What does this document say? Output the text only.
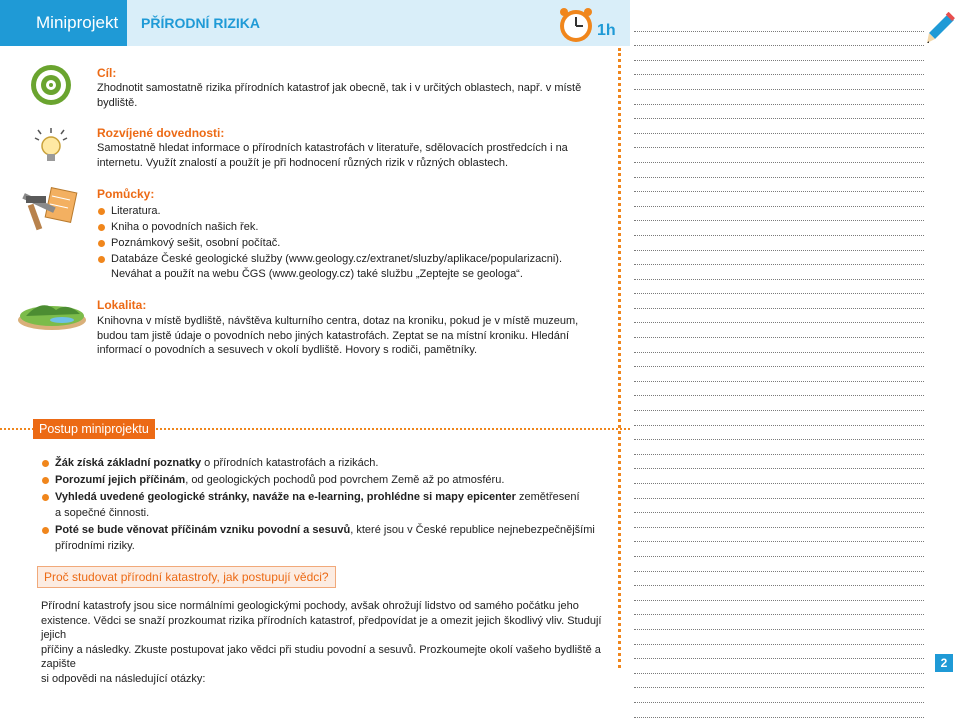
Miniprojekt	PŘÍRODNÍ RIZIKA	1h
Cíl:
Zhodnotit samostatně rizika přírodních katastrof jak obecně, tak i v určitých oblastech, např. v místě
bydliště.
Rozvíjené dovednosti:
Samostatně hledat informace o přírodních katastrofách v literatuře, sdělovacích prostředcích i na
internetu. Využít znalostí a použít je při hodnocení různých rizik v různých oblastech.
Pomůcky:
Literatura.
Kniha o povodních našich řek.
Poznámkový sešit, osobní počítač.
Databáze České geologické služby (www.geology.cz/extranet/sluzby/aplikace/popularizacni).
Neváhat a použít na webu ČGS (www.geology.cz) také službu „Zeptejte se geologa“.
Lokalita:
Knihovna v místě bydliště, návštěva kulturního centra, dotaz na kroniku, pokud je v místě muzeum,
budou tam jistě údaje o povodních nebo jiných katastrofách. Zeptat se na místní kroniku. Hledání
informací o povodních a sesuvech v okolí bydliště. Hovory s rodiči, pamětníky.
Postup miniprojektu
Žák získá základní poznatky o přírodních katastrofách a rizikách.
Porozumí jejich příčinám, od geologických pochodů pod povrchem Země až po atmosféru.
Vyhledá uvedené geologické stránky, naváže na e-learning, prohlédne si mapy epicenter zemětřesení
a sopečné činnosti.
Poté se bude věnovat příčinám vzniku povodní a sesuvů, které jsou v České republice nejnebezpečnějšími
přírodními riziky.
Proč studovat přírodní katastrofy, jak postupují vědci?
Přírodní katastrofy jsou sice normálními geologickými pochody, avšak ohrožují lidstvo od samého počátku jeho
existence. Vědci se snaží prozkoumat rizika přírodních katastrof, předpovídat je a omezit jejich škodlivý vliv. Studují jejich
příčiny a následky. Zkuste postupovat jako vědci při studiu povodní a sesuvů. Prozkoumejte okolí vašeho bydliště a zapište
si odpovědi na následující otázky:
2
